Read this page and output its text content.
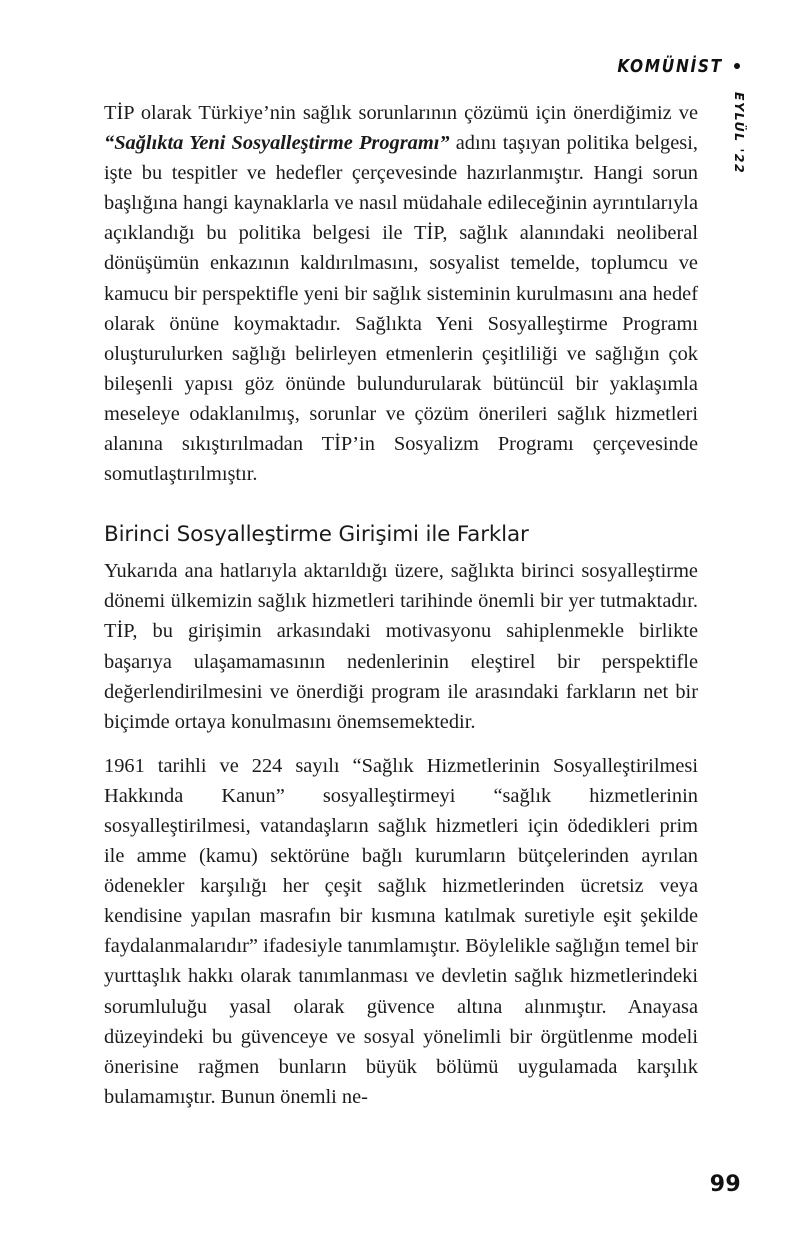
KOMÜNİST
EYLÜL '22

TİP olarak Türkiye’nin sağlık sorunlarının çözümü için önerdiğimiz ve “Sağlıkta Yeni Sosyalleştirme Programı” adını taşıyan politika belgesi, işte bu tespitler ve hedefler çerçevesinde hazırlanmıştır. Hangi sorun başlığına hangi kaynaklarla ve nasıl müdahale edileceğinin ayrıntılarıyla açıklandığı bu politika belgesi ile TİP, sağlık alanındaki neoliberal dönüşümün enkazının kaldırılmasını, sosyalist temelde, toplumcu ve kamucu bir perspektifle yeni bir sağlık sisteminin kurulmasını ana hedef olarak önüne koymaktadır. Sağlıkta Yeni Sosyalleştirme Programı oluşturulurken sağlığı belirleyen etmenlerin çeşitliliği ve sağlığın çok bileşenli yapısı göz önünde bulundurularak bütüncül bir yaklaşımla meseleye odaklanılmış, sorunlar ve çözüm önerileri sağlık hizmetleri alanına sıkıştırılmadan TİP’in Sosyalizm Programı çerçevesinde somutlaştırılmıştır.

Birinci Sosyalleştirme Girişimi ile Farklar

Yukarıda ana hatlarıyla aktarıldığı üzere, sağlıkta birinci sosyalleştirme dönemi ülkemizin sağlık hizmetleri tarihinde önemli bir yer tutmaktadır. TİP, bu girişimin arkasındaki motivasyonu sahiplenmekle birlikte başarıya ulaşamamasının nedenlerinin eleştirel bir perspektifle değerlendirilmesini ve önerdiği program ile arasındaki farkların net bir biçimde ortaya konulmasını önemsemektedir.

1961 tarihli ve 224 sayılı “Sağlık Hizmetlerinin Sosyalleştirilmesi Hakkında Kanun” sosyalleştirmeyi “sağlık hizmetlerinin sosyalleştirilmesi, vatandaşların sağlık hizmetleri için ödedikleri prim ile amme (kamu) sektörüne bağlı kurumların bütçelerinden ayrılan ödenekler karşılığı her çeşit sağlık hizmetlerinden ücretsiz veya kendisine yapılan masrafın bir kısmına katılmak suretiyle eşit şekilde faydalanmalarıdır” ifadesiyle tanımlamıştır. Böylelikle sağlığın temel bir yurttaşlık hakkı olarak tanımlanması ve devletin sağlık hizmetlerindeki sorumluluğu yasal olarak güvence altına alınmıştır. Anayasa düzeyindeki bu güvenceye ve sosyal yönelimli bir örgütlenme modeli önerisine rağmen bunların büyük bölümü uygulamada karşılık bulamamıştır. Bunun önemli ne-

99
